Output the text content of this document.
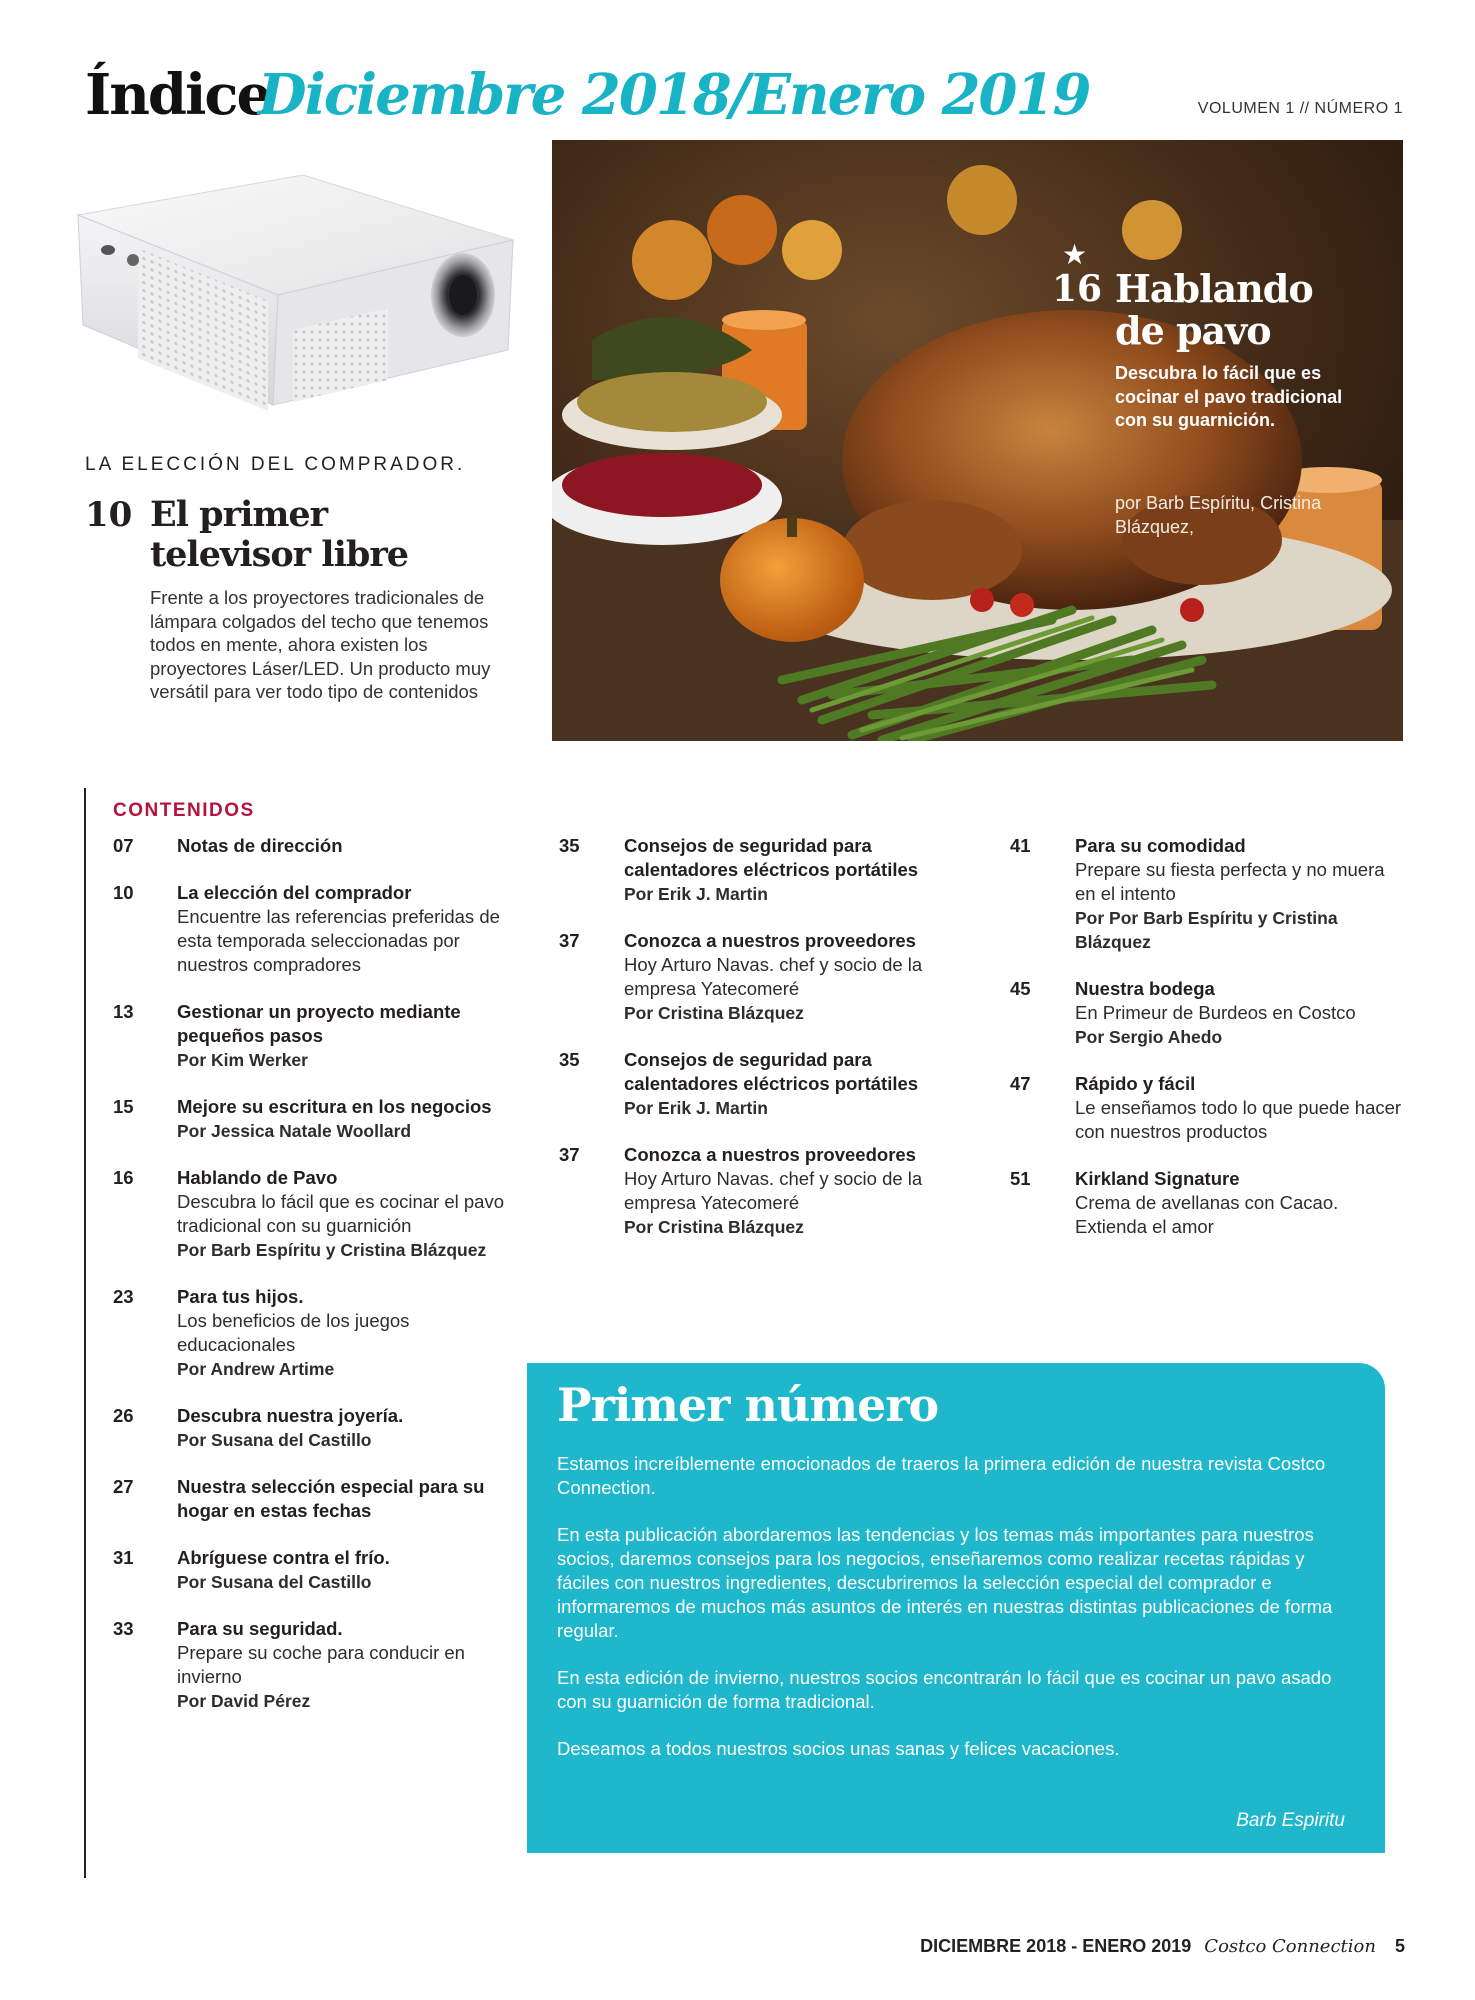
Índice
Diciembre 2018/Enero 2019	VOLUMEN 1 // NÚMERO 1
LA ELECCIÓN DEL COMPRADOR.
10 El primer televisor libre
Frente a los proyectores tradicionales de lámpara colgados del techo que tenemos todos en mente, ahora existen los proyectores Láser/LED. Un producto muy versátil para ver todo tipo de contenidos
★
16 Hablando de pavo
Descubra lo fácil que es cocinar el pavo tradicional con su guarnición.
por Barb Espíritu, Cristina Blázquez,
CONTENIDOS
07	Notas de dirección
10	La elección del comprador
Encuentre las referencias preferidas de esta temporada seleccionadas por nuestros compradores
13	Gestionar un proyecto mediante pequeños pasos
Por Kim Werker
15	Mejore su escritura en los negocios
Por Jessica Natale Woollard
16	Hablando de Pavo
Descubra lo fácil que es cocinar el pavo tradicional con su guarnición
Por Barb Espíritu y Cristina Blázquez
23	Para tus hijos.
Los beneficios de los juegos educacionales
Por Andrew Artime
26	Descubra nuestra joyería.
Por Susana del Castillo
27	Nuestra selección especial para su hogar en estas fechas
31	Abríguese contra el frío.
Por Susana del Castillo
33	Para su seguridad.
Prepare su coche para conducir en invierno
Por David Pérez
35	Consejos de seguridad para calentadores eléctricos portátiles
Por Erik J. Martin
37	Conozca a nuestros proveedores
Hoy Arturo Navas. chef y socio de la empresa Yatecomeré
Por Cristina Blázquez
35	Consejos de seguridad para calentadores eléctricos portátiles
Por Erik J. Martin
37	Conozca a nuestros proveedores
Hoy Arturo Navas. chef y socio de la empresa Yatecomeré
Por Cristina Blázquez
41	Para su comodidad
Prepare su fiesta perfecta y no muera en el intento
Por Por Barb Espíritu y Cristina Blázquez
45	Nuestra bodega
En Primeur de Burdeos en Costco
Por Sergio Ahedo
47	Rápido y fácil
Le enseñamos todo lo que puede hacer con nuestros productos
51	Kirkland Signature
Crema de avellanas con Cacao. Extienda el amor
Primer número

Estamos increíblemente emocionados de traeros la primera edición de nuestra revista Costco Connection.

En esta publicación abordaremos las tendencias y los temas más importantes para nuestros socios, daremos consejos para los negocios, enseñaremos como realizar recetas rápidas y fáciles con nuestros ingredientes, descubriremos la selección especial del comprador e informaremos de muchos más asuntos de interés en nuestras distintas publicaciones de forma regular.

En esta edición de invierno, nuestros socios encontrarán lo fácil que es cocinar un pavo asado con su guarnición de forma tradicional.

Deseamos a todos nuestros socios unas sanas y felices vacaciones.

Barb Espiritu
DICIEMBRE 2018 - ENERO 2019 Costco Connection 5
